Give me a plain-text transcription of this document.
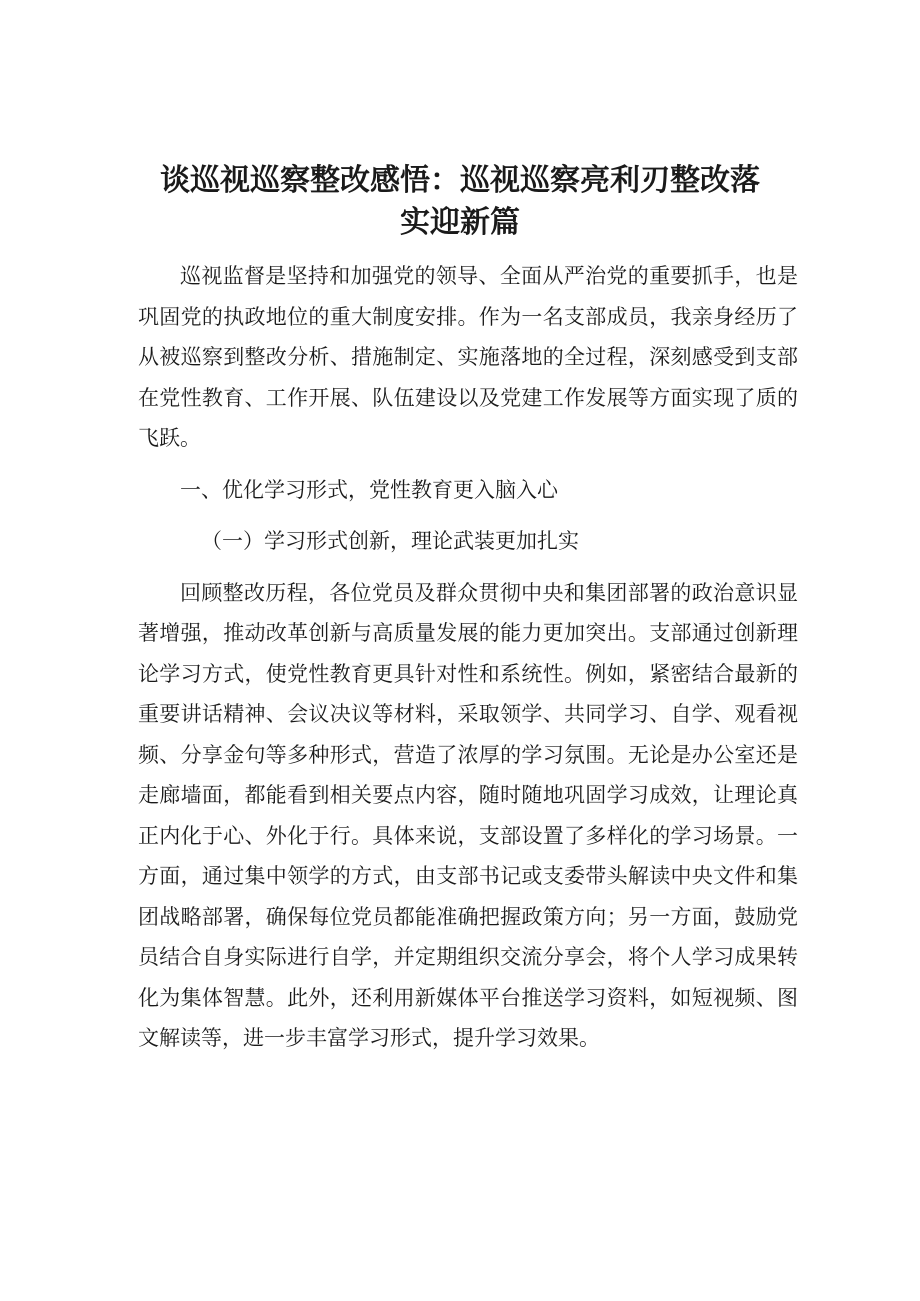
谈巡视巡察整改感悟：巡视巡察亮利刃整改落
实迎新篇

巡视监督是坚持和加强党的领导、全面从严治党的重要抓手，也是巩固党的执政地位的重大制度安排。作为一名支部成员，我亲身经历了从被巡察到整改分析、措施制定、实施落地的全过程，深刻感受到支部在党性教育、工作开展、队伍建设以及党建工作发展等方面实现了质的飞跃。

一、优化学习形式，党性教育更入脑入心

（一）学习形式创新，理论武装更加扎实

回顾整改历程，各位党员及群众贯彻中央和集团部署的政治意识显著增强，推动改革创新与高质量发展的能力更加突出。支部通过创新理论学习方式，使党性教育更具针对性和系统性。例如，紧密结合最新的重要讲话精神、会议决议等材料，采取领学、共同学习、自学、观看视频、分享金句等多种形式，营造了浓厚的学习氛围。无论是办公室还是走廊墙面，都能看到相关要点内容，随时随地巩固学习成效，让理论真正内化于心、外化于行。具体来说，支部设置了多样化的学习场景。一方面，通过集中领学的方式，由支部书记或支委带头解读中央文件和集团战略部署，确保每位党员都能准确把握政策方向；另一方面，鼓励党员结合自身实际进行自学，并定期组织交流分享会，将个人学习成果转化为集体智慧。此外，还利用新媒体平台推送学习资料，如短视频、图文解读等，进一步丰富学习形式，提升学习效果。
